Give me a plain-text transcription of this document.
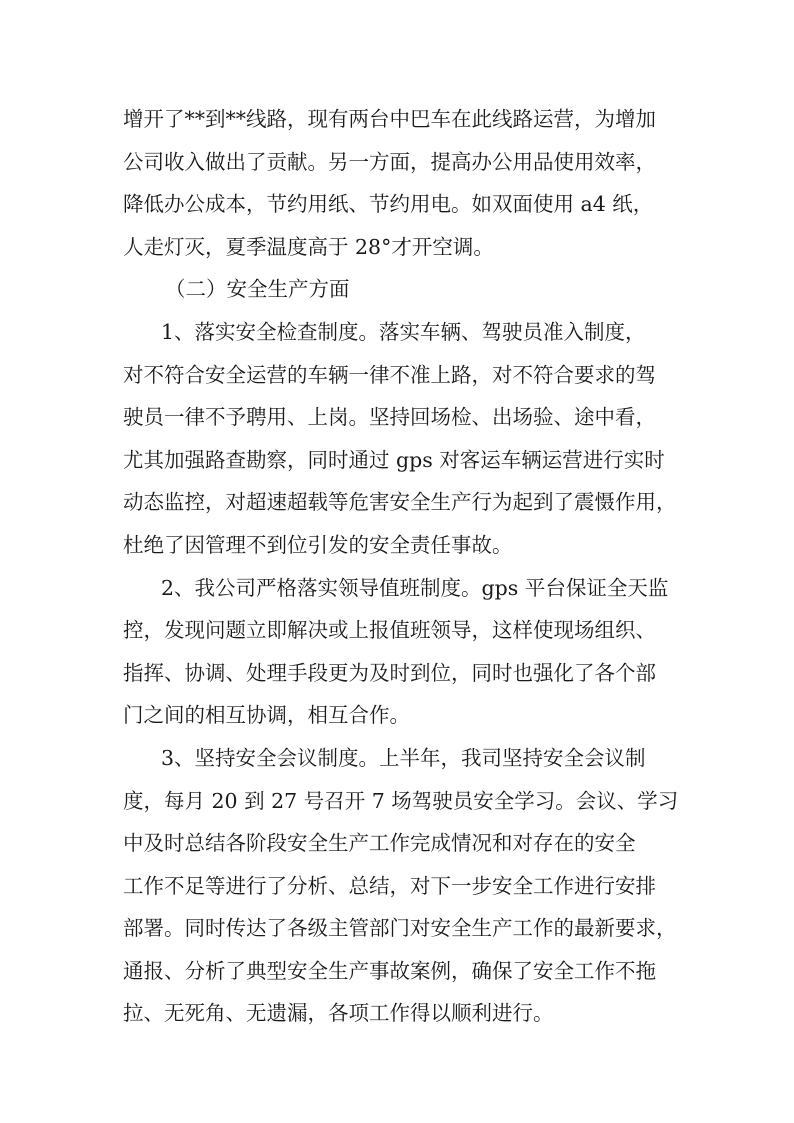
增开了**到**线路，现有两台中巴车在此线路运营，为增加
公司收入做出了贡献。另一方面，提高办公用品使用效率，
降低办公成本，节约用纸、节约用电。如双面使用 a4 纸，
人走灯灭，夏季温度高于 28°才开空调。
（二）安全生产方面
1、落实安全检查制度。落实车辆、驾驶员准入制度，
对不符合安全运营的车辆一律不准上路，对不符合要求的驾
驶员一律不予聘用、上岗。坚持回场检、出场验、途中看，
尤其加强路查勘察，同时通过 gps 对客运车辆运营进行实时
动态监控，对超速超载等危害安全生产行为起到了震慑作用，
杜绝了因管理不到位引发的安全责任事故。
2、我公司严格落实领导值班制度。gps 平台保证全天监
控，发现问题立即解决或上报值班领导，这样使现场组织、
指挥、协调、处理手段更为及时到位，同时也强化了各个部
门之间的相互协调，相互合作。
3、坚持安全会议制度。上半年，我司坚持安全会议制
度，每月 20 到 27 号召开 7 场驾驶员安全学习。会议、学习
中及时总结各阶段安全生产工作完成情况和对存在的安全
工作不足等进行了分析、总结，对下一步安全工作进行安排
部署。同时传达了各级主管部门对安全生产工作的最新要求，
通报、分析了典型安全生产事故案例，确保了安全工作不拖
拉、无死角、无遗漏，各项工作得以顺利进行。
